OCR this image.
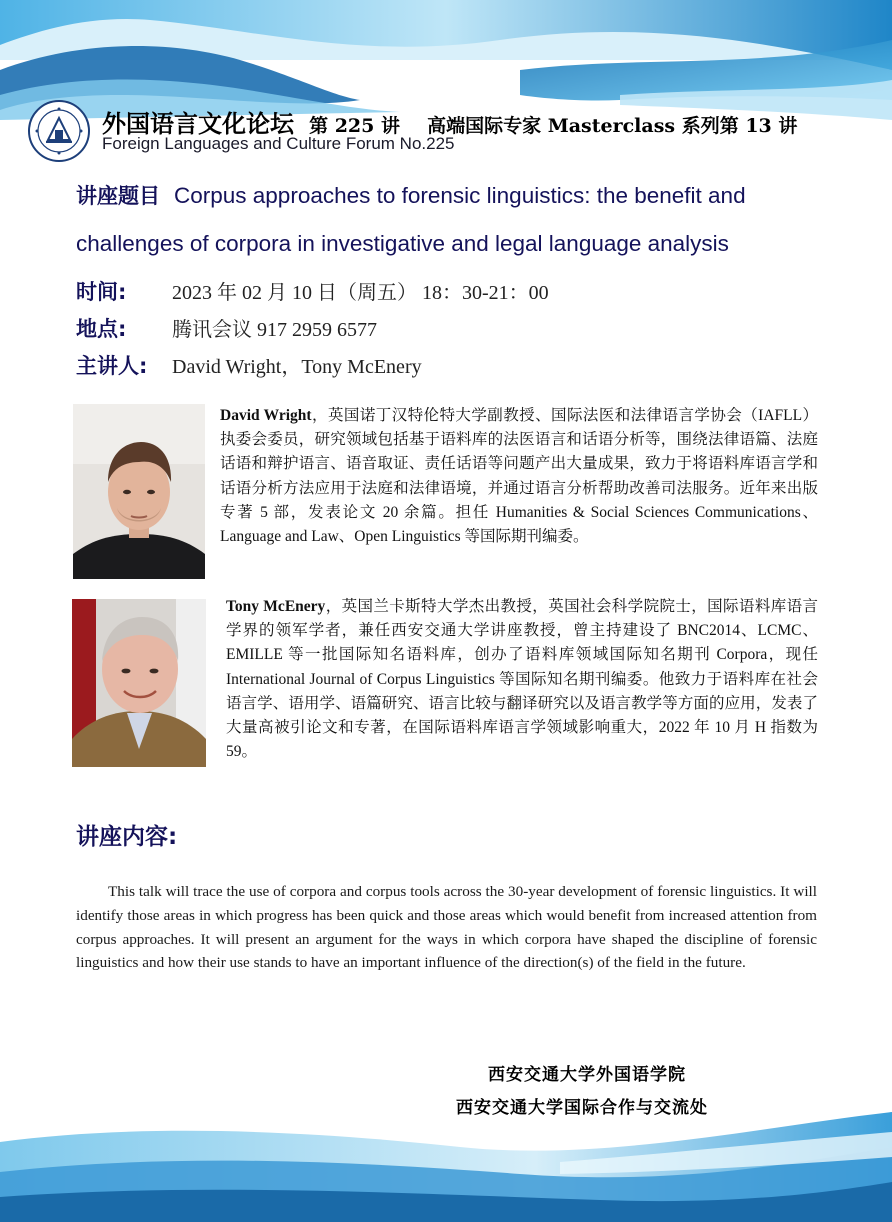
外国语言文化论坛 第 225 讲 高端国际专家 Masterclass 系列第 13 讲
Foreign Languages and Culture Forum No.225
讲座题目 Corpus approaches to forensic linguistics: the benefit and
challenges of corpora in investigative and legal language analysis
时间: 2023 年 02 月 10 日（周五） 18：30-21：00
地点: 腾讯会议 917 2959 6577
主讲人: David Wright，Tony McEnery
David Wright，英国诺丁汉特伦特大学副教授、国际法医和法律语言学协会（IAFLL）执委会委员，研究领域包括基于语料库的法医语言和话语分析等，围绕法律语篇、法庭话语和辩护语言、语音取证、责任话语等问题产出大量成果，致力于将语料库语言学和话语分析方法应用于法庭和法律语境，并通过语言分析帮助改善司法服务。近年来出版专著 5 部，发表论文 20 余篇。担任 Humanities & Social Sciences Communications、Language and Law、Open Linguistics 等国际期刊编委。
Tony McEnery，英国兰卡斯特大学杰出教授，英国社会科学院院士，国际语料库语言学界的领军学者，兼任西安交通大学讲座教授，曾主持建设了 BNC2014、LCMC、EMILLE 等一批国际知名语料库，创办了语料库领域国际知名期刊 Corpora，现任 International Journal of Corpus Linguistics 等国际知名期刊编委。他致力于语料库在社会语言学、语用学、语篇研究、语言比较与翻译研究以及语言教学等方面的应用，发表了大量高被引论文和专著，在国际语料库语言学领域影响重大，2022 年 10 月 H 指数为 59。
讲座内容:
This talk will trace the use of corpora and corpus tools across the 30-year development of forensic linguistics. It will identify those areas in which progress has been quick and those areas which would benefit from increased attention from corpus approaches. It will present an argument for the ways in which corpora have shaped the discipline of forensic linguistics and how their use stands to have an important influence of the direction(s) of the field in the future.
西安交通大学外国语学院
西安交通大学国际合作与交流处
